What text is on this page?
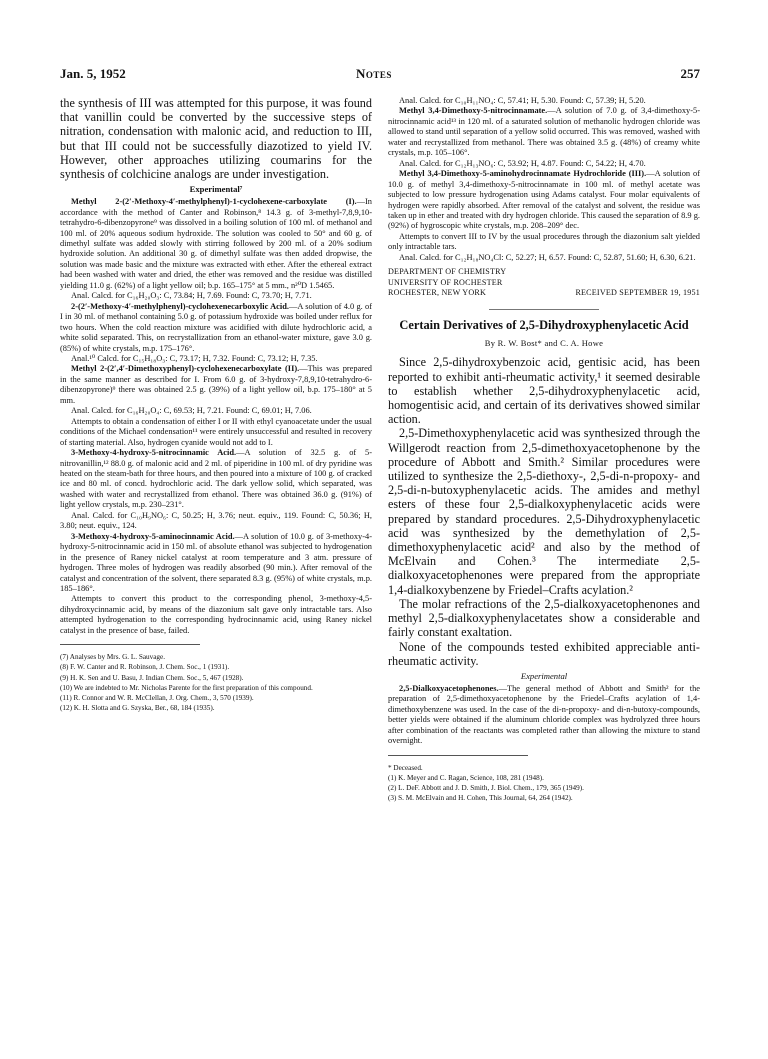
Jan. 5, 1952	Notes	257

the synthesis of III was attempted for this purpose, it was found that vanillin could be converted by the successive steps of nitration, condensation with malonic acid, and reduction to III, but that III could not be successfully diazotized to yield IV. However, other approaches utilizing coumarins for the synthesis of colchicine analogs are under investigation.

Experimental⁷

Methyl 2-(2′-Methoxy-4′-methylphenyl)-1-cyclohexene-carboxylate (I).—In accordance with the method of Canter and Robinson,⁸ 14.3 g. of 3-methyl-7,8,9,10-tetrahydro-6-dibenzopyrone⁹ was dissolved in a boiling solution of 100 ml. of methanol and 100 ml. of 20% aqueous sodium hydroxide. The solution was cooled to 50° and 60 g. of dimethyl sulfate was added slowly with stirring followed by 200 ml. of a 20% sodium hydroxide solution. An additional 30 g. of dimethyl sulfate was then added dropwise, the solution was made basic and the mixture was extracted with ether. After the ethereal extract had been washed with water and dried, the ether was removed and the residue was distilled yielding 11.0 g. (62%) of a light yellow oil; b.p. 165–175° at 5 mm., n²⁰D 1.5465.

Anal. Calcd. for C₁₆H₂₀O₃: C, 73.84; H, 7.69. Found: C, 73.70; H, 7.71.

2-(2′-Methoxy-4′-methylphenyl)-cyclohexenecarboxylic Acid.—A solution of 4.0 g. of I in 30 ml. of methanol containing 5.0 g. of potassium hydroxide was boiled under reflux for two hours. When the cold reaction mixture was acidified with dilute hydrochloric acid, a white solid separated. This, on recrystallization from an ethanol-water mixture, gave 3.0 g. (85%) of white crystals, m.p. 175–176°.

Anal.¹⁰ Calcd. for C₁₅H₁₈O₃: C, 73.17; H, 7.32. Found: C, 73.12; H, 7.35.

Methyl 2-(2′,4′-Dimethoxyphenyl)-cyclohexenecarboxylate (II).—This was prepared in the same manner as described for I. From 6.0 g. of 3-hydroxy-7,8,9,10-tetrahydro-6-dibenzopyrone)⁹ there was obtained 2.5 g. (39%) of a light yellow oil, b.p. 175–180° at 5 mm.

Anal. Calcd. for C₁₆H₂₀O₄: C, 69.53; H, 7.21. Found: C, 69.01; H, 7.06.

Attempts to obtain a condensation of either I or II with ethyl cyanoacetate under the usual conditions of the Michael condensation¹¹ were entirely unsuccessful and resulted in recovery of starting material. Also, hydrogen cyanide would not add to I.

3-Methoxy-4-hydroxy-5-nitrocinnamic Acid.—A solution of 32.5 g. of 5-nitrovanillin,¹² 88.0 g. of malonic acid and 2 ml. of piperidine in 100 ml. of dry pyridine was heated on the steam-bath for three hours, and then poured into a mixture of 100 g. of cracked ice and 80 ml. of concd. hydrochloric acid. The dark yellow solid, which separated, was washed with water and recrystallized from ethanol. There was obtained 36.0 g. (91%) of light yellow crystals, m.p. 230–231°.

Anal. Calcd. for C₁₀H₉NO₆: C, 50.25; H, 3.76; neut. equiv., 119. Found: C, 50.36; H, 3.80; neut. equiv., 124.

3-Methoxy-4-hydroxy-5-aminocinnamic Acid.—A solution of 10.0 g. of 3-methoxy-4-hydroxy-5-nitrocinnamic acid in 150 ml. of absolute ethanol was subjected to hydrogenation in the presence of Raney nickel catalyst at room temperature and 3 atm. pressure of hydrogen. Three moles of hydrogen was readily absorbed (90 min.). After removal of the catalyst and concentration of the solvent, there separated 8.3 g. (95%) of white crystals, m.p. 185–186°.

Attempts to convert this product to the corresponding phenol, 3-methoxy-4,5-dihydroxycinnamic acid, by means of the diazonium salt gave only intractable tars. Also attempted hydrogenation to the corresponding hydrocinnamic acid, using Raney nickel catalyst in the presence of base, failed.

(7) Analyses by Mrs. G. L. Sauvage.

(8) F. W. Canter and R. Robinson, J. Chem. Soc., 1 (1931).

(9) H. K. Sen and U. Basu, J. Indian Chem. Soc., 5, 467 (1928).

(10) We are indebted to Mr. Nicholas Parente for the first preparation of this compound.

(11) R. Connor and W. R. McClellan, J. Org. Chem., 3, 570 (1939).

(12) K. H. Slotta and G. Szyska, Ber., 68, 184 (1935).

Anal. Calcd. for C₁₀H₁₁NO₄: C, 57.41; H, 5.30. Found: C, 57.39; H, 5.20.

Methyl 3,4-Dimethoxy-5-nitrocinnamate.—A solution of 7.0 g. of 3,4-dimethoxy-5-nitrocinnamic acid¹³ in 120 ml. of a saturated solution of methanolic hydrogen chloride was allowed to stand until separation of a yellow solid occurred. This was removed, washed with water and recrystallized from methanol. There was obtained 3.5 g. (48%) of creamy white crystals, m.p. 105–106°.

Anal. Calcd. for C₁₂H₁₃NO₆: C, 53.92; H, 4.87. Found: C, 54.22; H, 4.70.

Methyl 3,4-Dimethoxy-5-aminohydrocinnamate Hydrochloride (III).—A solution of 10.0 g. of methyl 3,4-dimethoxy-5-nitrocinnamate in 100 ml. of methyl acetate was subjected to low pressure hydrogenation using Adams catalyst. Four molar equivalents of hydrogen were rapidly absorbed. After removal of the catalyst and solvent, the residue was taken up in ether and treated with dry hydrogen chloride. This caused the separation of 8.9 g. (92%) of hygroscopic white crystals, m.p. 208–209° dec.

Attempts to convert III to IV by the usual procedures through the diazonium salt yielded only intractable tars.

Anal. Calcd. for C₁₂H₁₈NO₄Cl: C, 52.27; H, 6.57. Found: C, 52.87, 51.60; H, 6.30, 6.21.

DEPARTMENT OF CHEMISTRY
UNIVERSITY OF ROCHESTER
ROCHESTER, NEW YORK	RECEIVED SEPTEMBER 19, 1951
Certain Derivatives of 2,5-Dihydroxyphenylacetic Acid
By R. W. Bost* and C. A. Howe

Since 2,5-dihydroxybenzoic acid, gentisic acid, has been reported to exhibit anti-rheumatic activity,¹ it seemed desirable to establish whether 2,5-dihydroxyphenylacetic acid, homogentisic acid, and certain of its derivatives showed similar action.

2,5-Dimethoxyphenylacetic acid was synthesized through the Willgerodt reaction from 2,5-dimethoxyacetophenone by the procedure of Abbott and Smith.² Similar procedures were utilized to synthesize the 2,5-diethoxy-, 2,5-di-n-propoxy- and 2,5-di-n-butoxyphenylacetic acids. The amides and methyl esters of these four 2,5-dialkoxyphenylacetic acids were prepared by standard procedures. 2,5-Dihydroxyphenylacetic acid was synthesized by the demethylation of 2,5-dimethoxyphenylacetic acid² and also by the method of McElvain and Cohen.³ The intermediate 2,5-dialkoxyacetophenones were prepared from the appropriate 1,4-dialkoxybenzene by Friedel–Crafts acylation.²

The molar refractions of the 2,5-dialkoxyacetophenones and methyl 2,5-dialkoxyphenylacetates show a considerable and fairly constant exaltation.

None of the compounds tested exhibited appreciable anti-rheumatic activity.

Experimental

2,5-Dialkoxyacetophenones.—The general method of Abbott and Smith² for the preparation of 2,5-dimethoxyacetophenone by the Friedel–Crafts acylation of 1,4-dimethoxybenzene was used. In the case of the di-n-propoxy- and di-n-butoxy-compounds, better yields were obtained if the aluminum chloride complex was hydrolyzed three hours after combination of the reactants was completed rather than allowing the mixture to stand overnight.

* Deceased.

(1) K. Meyer and C. Ragan, Science, 108, 281 (1948).

(2) L. DeF. Abbott and J. D. Smith, J. Biol. Chem., 179, 365 (1949).

(3) S. M. McElvain and H. Cohen, This Journal, 64, 264 (1942).
